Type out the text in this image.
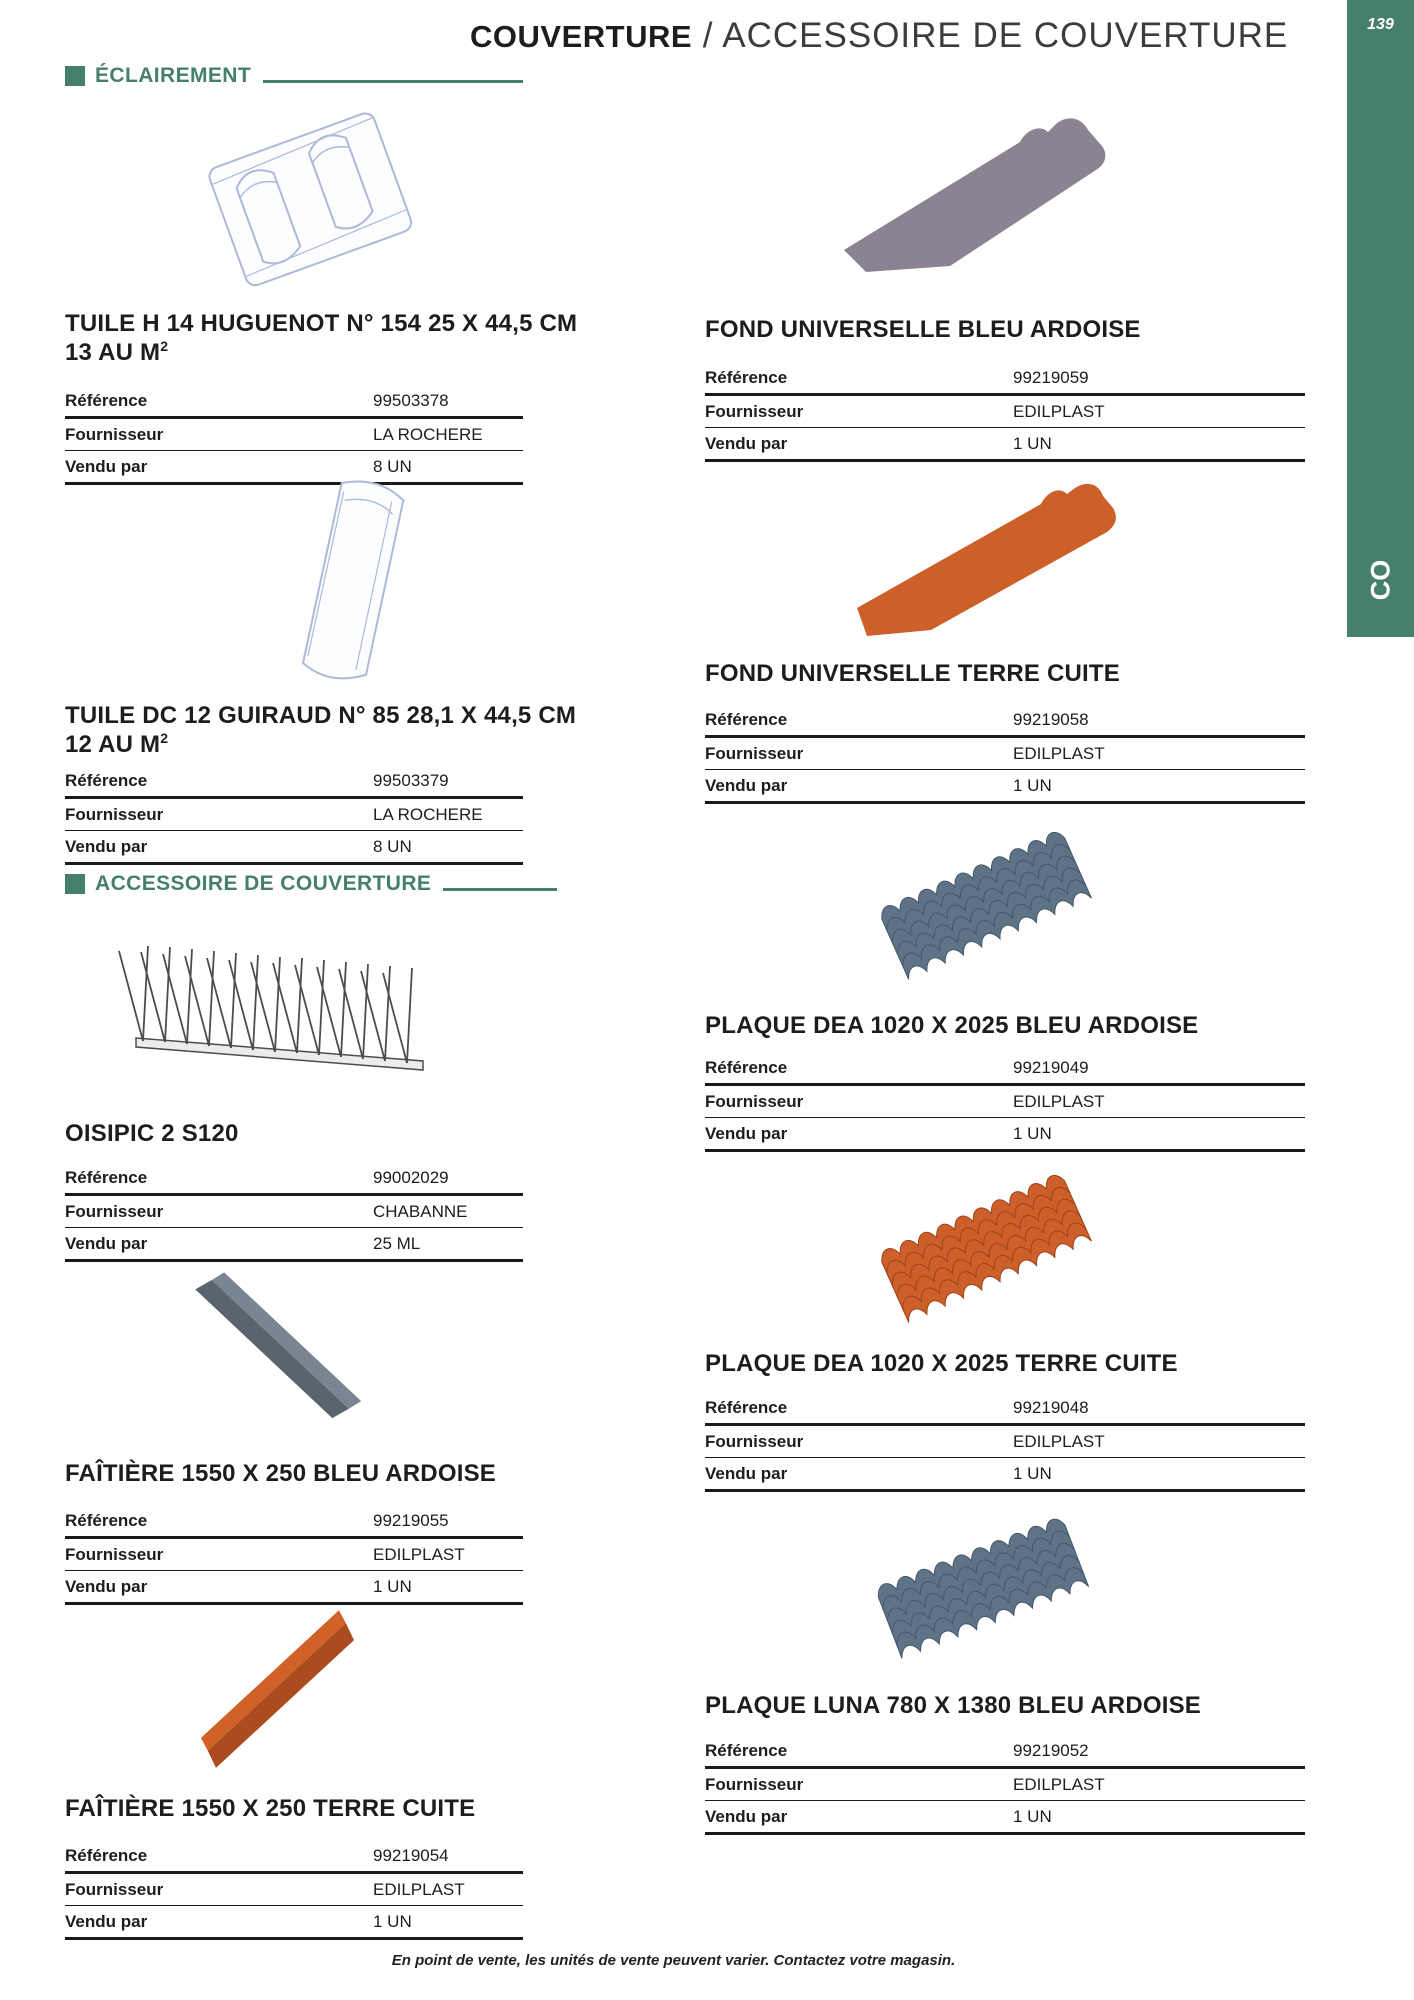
COUVERTURE / ACCESSOIRE DE COUVERTURE	139
CO
ÉCLAIREMENT
TUILE H 14 HUGUENOT N° 154 25 X 44,5 CM
13 AU $M^2$
Référence	99503378
Fournisseur	LA ROCHERE
Vendu par	8 UN
TUILE DC 12 GUIRAUD N° 85 28,1 X 44,5 CM
12 AU $M^2$
Référence	99503379
Fournisseur	LA ROCHERE
Vendu par	8 UN
ACCESSOIRE DE COUVERTURE
OISIPIC 2 S120
Référence	99002029
Fournisseur	CHABANNE
Vendu par	25 ML
FAÎTIÈRE 1550 X 250 BLEU ARDOISE
Référence	99219055
Fournisseur	EDILPLAST
Vendu par	1 UN
FAÎTIÈRE 1550 X 250 TERRE CUITE
Référence	99219054
Fournisseur	EDILPLAST
Vendu par	1 UN
FOND UNIVERSELLE BLEU ARDOISE
Référence	99219059
Fournisseur	EDILPLAST
Vendu par	1 UN
FOND UNIVERSELLE TERRE CUITE
Référence	99219058
Fournisseur	EDILPLAST
Vendu par	1 UN
PLAQUE DEA 1020 X 2025 BLEU ARDOISE
Référence	99219049
Fournisseur	EDILPLAST
Vendu par	1 UN
PLAQUE DEA 1020 X 2025 TERRE CUITE
Référence	99219048
Fournisseur	EDILPLAST
Vendu par	1 UN
PLAQUE LUNA 780 X 1380 BLEU ARDOISE
Référence	99219052
Fournisseur	EDILPLAST
Vendu par	1 UN
En point de vente, les unités de vente peuvent varier. Contactez votre magasin.
